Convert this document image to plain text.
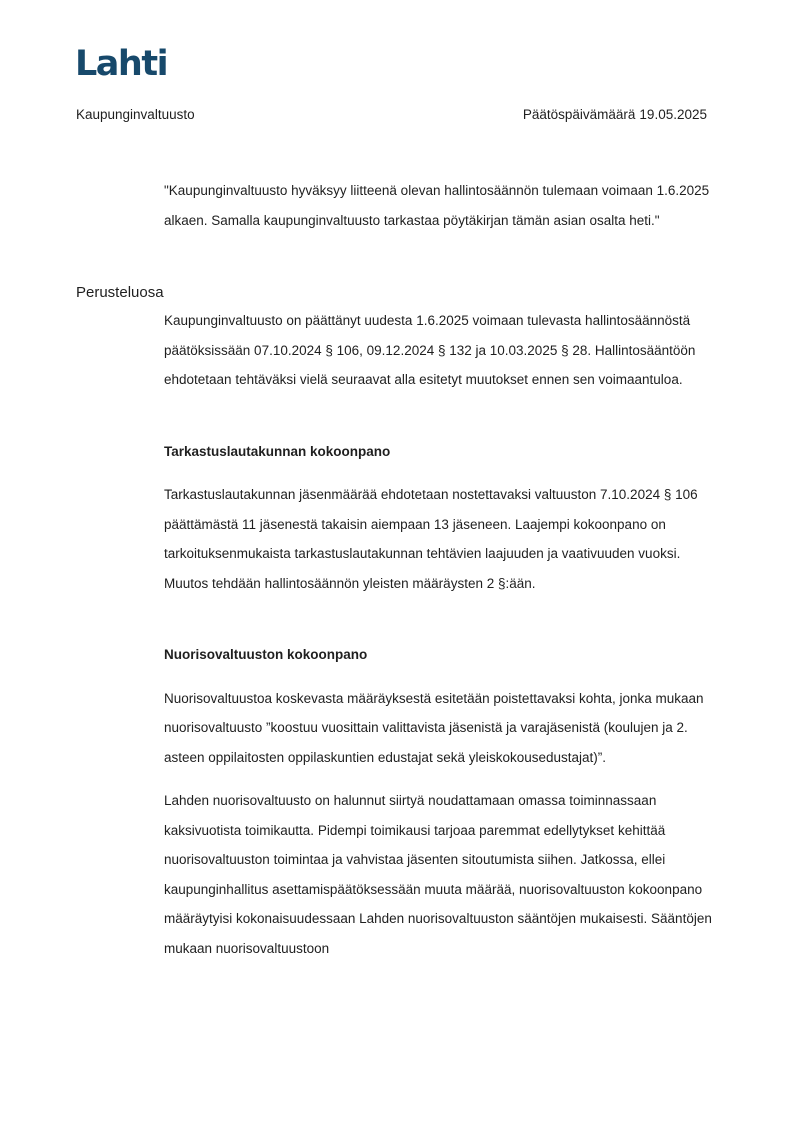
Lahti
Kaupunginvaltuusto	Päätöspäivämäärä 19.05.2025
"Kaupunginvaltuusto hyväksyy liitteenä olevan hallintosäännön tulemaan voimaan 1.6.2025 alkaen. Samalla kaupunginvaltuusto tarkastaa pöytäkirjan tämän asian osalta heti."
Perusteluosa

Kaupunginvaltuusto on päättänyt uudesta 1.6.2025 voimaan tulevasta hallintosäännöstä päätöksissään 07.10.2024 § 106, 09.12.2024 § 132 ja 10.03.2025 § 28. Hallintosääntöön ehdotetaan tehtäväksi vielä seuraavat alla esitetyt muutokset ennen sen voimaantuloa.

Tarkastuslautakunnan kokoonpano

Tarkastuslautakunnan jäsenmäärää ehdotetaan nostettavaksi valtuuston 7.10.2024 § 106 päättämästä 11 jäsenestä takaisin aiempaan 13 jäseneen. Laajempi kokoonpano on tarkoituksenmukaista tarkastuslautakunnan tehtävien laajuuden ja vaativuuden vuoksi. Muutos tehdään hallintosäännön yleisten määräysten 2 §:ään.

Nuorisovaltuuston kokoonpano

Nuorisovaltuustoa koskevasta määräyksestä esitetään poistettavaksi kohta, jonka mukaan nuorisovaltuusto ”koostuu vuosittain valittavista jäsenistä ja varajäsenistä (koulujen ja 2. asteen oppilaitosten oppilaskuntien edustajat sekä yleiskokousedustajat)”.

Lahden nuorisovaltuusto on halunnut siirtyä noudattamaan omassa toiminnassaan kaksivuotista toimikautta. Pidempi toimikausi tarjoaa paremmat edellytykset kehittää nuorisovaltuuston toimintaa ja vahvistaa jäsenten sitoutumista siihen. Jatkossa, ellei kaupunginhallitus asettamispäätöksessään muuta määrää, nuorisovaltuuston kokoonpano määräytyisi kokonaisuudessaan Lahden nuorisovaltuuston sääntöjen mukaisesti. Sääntöjen mukaan nuorisovaltuustoon
